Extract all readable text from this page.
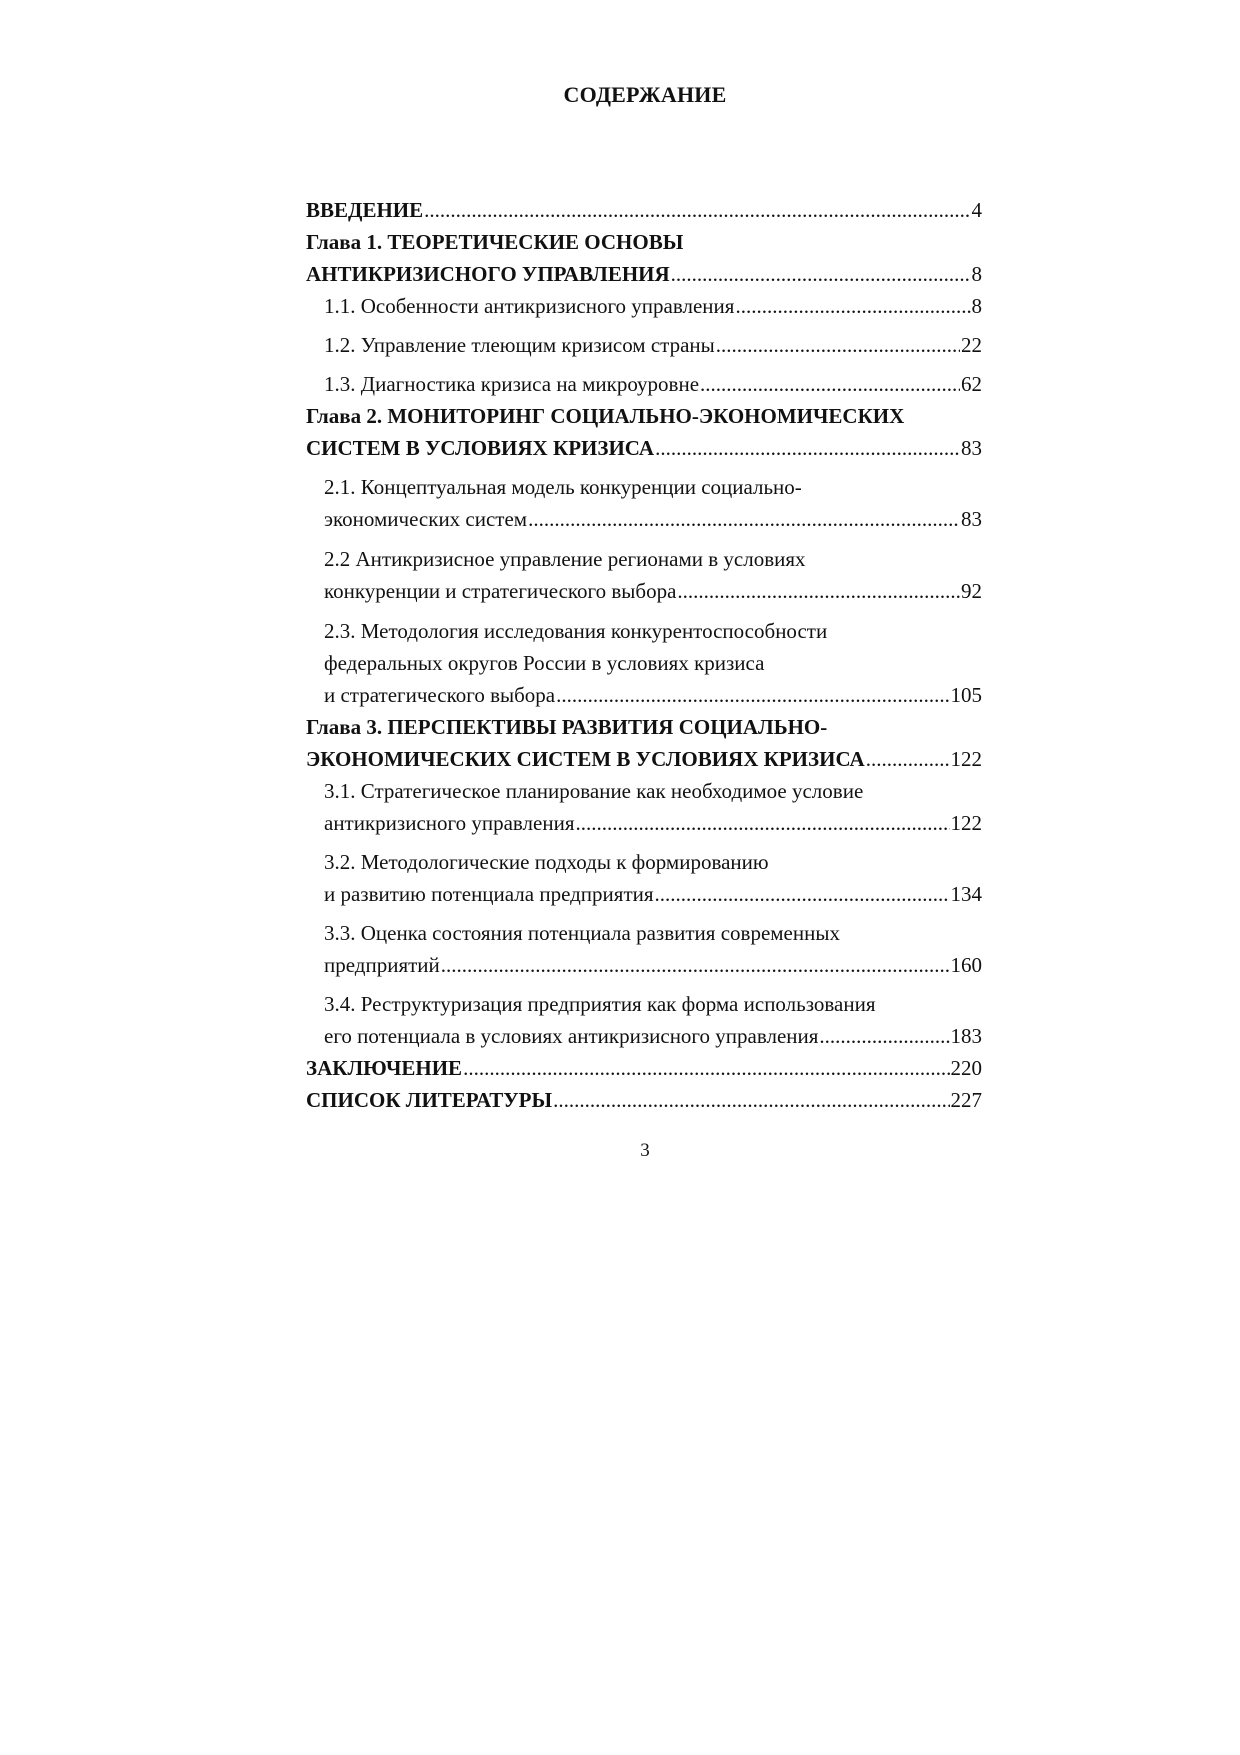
СОДЕРЖАНИЕ
ВВЕДЕНИЕ .....	4
Глава 1. ТЕОРЕТИЧЕСКИЕ ОСНОВЫ
АНТИКРИЗИСНОГО УПРАВЛЕНИЯ .....	8
1.1. Особенности антикризисного управления .....	8
1.2. Управление тлеющим кризисом страны .....	22
1.3. Диагностика кризиса на микроуровне .....	62
Глава 2. МОНИТОРИНГ СОЦИАЛЬНО-ЭКОНОМИЧЕСКИХ
СИСТЕМ В УСЛОВИЯХ КРИЗИСА .....	83
2.1. Концептуальная модель конкуренции социально-
экономических систем .....	83
2.2 Антикризисное управление регионами в условиях
конкуренции и стратегического выбора .....	92
2.3. Методология исследования конкурентоспособности
федеральных округов России в условиях кризиса
и стратегического выбора .....	105
Глава 3. ПЕРСПЕКТИВЫ РАЗВИТИЯ СОЦИАЛЬНО-
ЭКОНОМИЧЕСКИХ СИСТЕМ В УСЛОВИЯХ КРИЗИСА .....	122
3.1. Стратегическое планирование как необходимое условие
антикризисного управления .....	122
3.2. Методологические подходы к формированию
и развитию потенциала предприятия .....	134
3.3. Оценка состояния потенциала развития современных
предприятий .....	160
3.4. Реструктуризация предприятия как форма использования
его потенциала в условиях антикризисного управления .....	183
ЗАКЛЮЧЕНИЕ .....	220
СПИСОК ЛИТЕРАТУРЫ .....	227
3
